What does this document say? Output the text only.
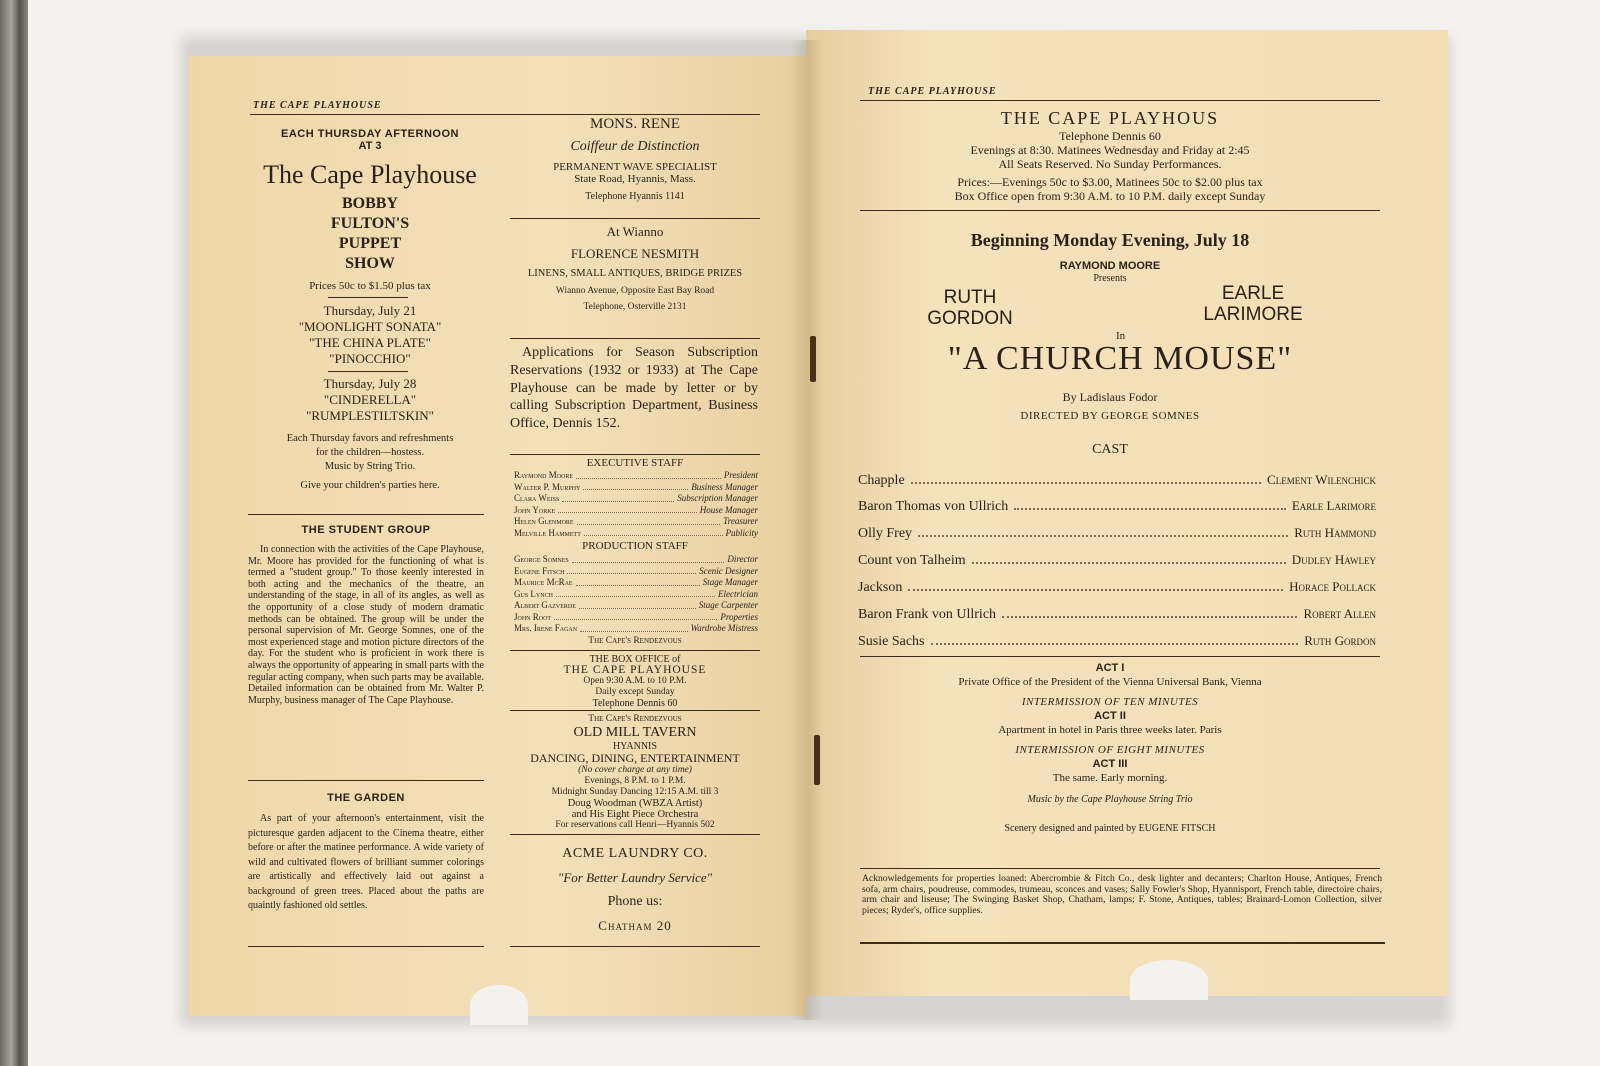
THE CAPE PLAYHOUSE
THE CAPE PLAYHOUSE
EACH THURSDAY AFTERNOON
AT 3
The Cape Playhouse
BOBBY
FULTON'S
PUPPET
SHOW
Prices 50c to $1.50 plus tax
Thursday, July 21
"MOONLIGHT SONATA"
"THE CHINA PLATE"
"PINOCCHIO"
Thursday, July 28
"CINDERELLA"
"RUMPLESTILTSKIN"
Each Thursday favors and refreshments
for the children—hostess.
Music by String Trio.
Give your children's parties here.
THE STUDENT GROUP
In connection with the activities of the Cape Playhouse, Mr. Moore has provided for the functioning of what is termed a "student group." To those keenly interested in both acting and the mechanics of the theatre, an understanding of the stage, in all of its angles, as well as the opportunity of a close study of modern dramatic methods can be obtained. The group will be under the personal supervision of Mr. George Somnes, one of the most experienced stage and motion picture directors of the day. For the student who is proficient in work there is always the opportunity of appearing in small parts with the regular acting company, when such parts may be available. Detailed information can be obtained from Mr. Walter P. Murphy, business manager of The Cape Playhouse.
THE GARDEN
As part of your afternoon's entertainment, visit the picturesque garden adjacent to the Cinema theatre, either before or after the matinee performance. A wide variety of wild and cultivated flowers of brilliant summer colorings are artistically and effectively laid out against a background of green trees. Placed about the paths are quaintly fashioned old settles.
MONS. RENE
Coiffeur de Distinction
PERMANENT WAVE SPECIALIST
State Road, Hyannis, Mass.
Telephone Hyannis 1141
At Wianno
FLORENCE NESMITH
LINENS, SMALL ANTIQUES, BRIDGE PRIZES
Wianno Avenue, Opposite East Bay Road
Telephone, Osterville 2131
Applications for Season Subscription Reservations (1932 or 1933) at The Cape Playhouse can be made by letter or by calling Subscription Department, Business Office, Dennis 152.
EXECUTIVE STAFF
Raymond Moore	President
Walter P. Murphy	Business Manager
Clara Weiss	Subscription Manager
John Yorke	House Manager
Helen Glenmore	Treasurer
Melville Hammett	Publicity
PRODUCTION STAFF
George Somnes	Director
Eugene Fitsch	Scenic Designer
Maurice McRae	Stage Manager
Gus Lynch	Electrician
Albert Gazverde	Stage Carpenter
John Root	Properties
Mrs. Irene Fagan	Wardrobe Mistress
The Cape's Rendezvous
THE BOX OFFICE of
THE CAPE PLAYHOUSE
Open 9:30 A.M. to 10 P.M.
Daily except Sunday
Telephone Dennis 60
The Cape's Rendezvous
OLD MILL TAVERN
HYANNIS
DANCING, DINING, ENTERTAINMENT
(No cover charge at any time)
Evenings, 8 P.M. to 1 P.M.
Midnight Sunday Dancing 12:15 A.M. till 3
Doug Woodman (WBZA Artist)
and His Eight Piece Orchestra
For reservations call Henri—Hyannis 502
ACME LAUNDRY CO.
"For Better Laundry Service"
Phone us:
Chatham 20
THE CAPE PLAYHOUS
Telephone Dennis 60
Evenings at 8:30. Matinees Wednesday and Friday at 2:45
All Seats Reserved. No Sunday Performances.
Prices:—Evenings 50c to $3.00, Matinees 50c to $2.00 plus tax
Box Office open from 9:30 A.M. to 10 P.M. daily except Sunday
Beginning Monday Evening, July 18
RAYMOND MOORE
Presents
RUTH
GORDON
EARLE
LARIMORE
In
"A CHURCH MOUSE"
By Ladislaus Fodor
DIRECTED BY GEORGE SOMNES
CAST
Chapple	Clement Wilenchick
Baron Thomas von Ullrich	Earle Larimore
Olly Frey	Ruth Hammond
Count von Talheim	Dudley Hawley
Jackson	Horace Pollack
Baron Frank von Ullrich	Robert Allen
Susie Sachs	Ruth Gordon
ACT I
Private Office of the President of the Vienna Universal Bank, Vienna
INTERMISSION OF TEN MINUTES
ACT II
Apartment in hotel in Paris three weeks later. Paris
INTERMISSION OF EIGHT MINUTES
ACT III
The same. Early morning.
Music by the Cape Playhouse String Trio
Scenery designed and painted by EUGENE FITSCH
Acknowledgements for properties loaned: Abercrombie & Fitch Co., desk lighter and decanters; Charlton House, Antiques, French sofa, arm chairs, poudreuse, commodes, trumeau, sconces and vases; Sally Fowler's Shop, Hyannisport, French table, directoire chairs, arm chair and liseuse; The Swinging Basket Shop, Chatham, lamps; F. Stone, Antiques, tables; Brainard-Lomon Collection, silver pieces; Ryder's, office supplies.
